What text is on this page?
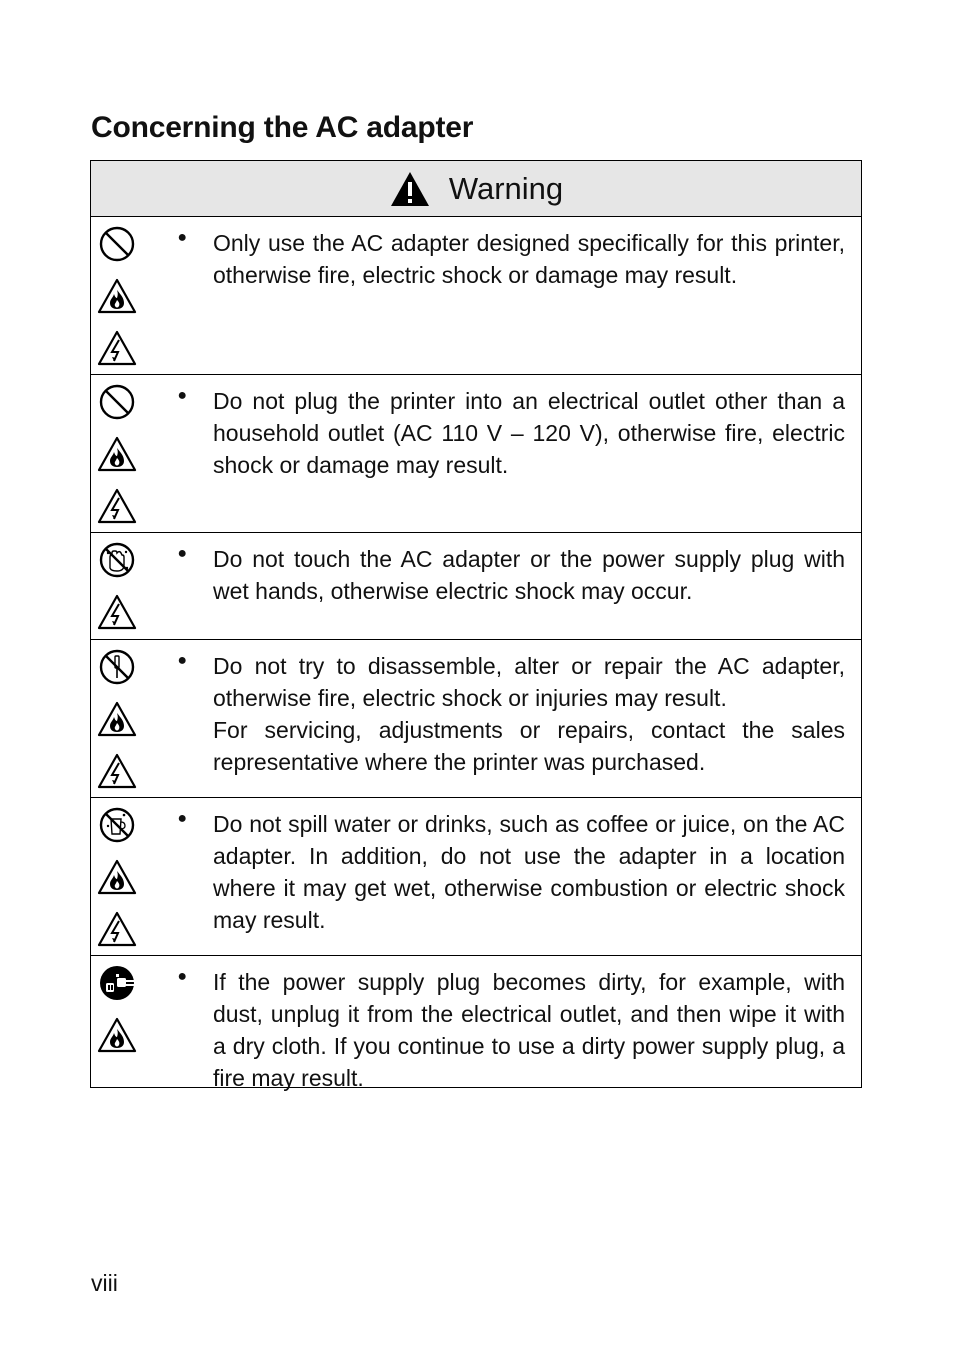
Concerning the AC adapter
Warning
●	Only use the AC adapter designed specifically for this printer, otherwise fire, electric shock or damage may result.

●	Do not plug the printer into an electrical outlet other than a household outlet (AC 110 V – 120 V), otherwise fire, electric shock or damage may result.

●	Do not touch the AC adapter or the power supply plug with wet hands, otherwise electric shock may occur.

●	Do not try to disassemble, alter or repair the AC adapter, otherwise fire, electric shock or injuries may result.

For servicing, adjustments or repairs, contact the sales representative where the printer was purchased.

●	Do not spill water or drinks, such as coffee or juice, on the AC adapter. In addition, do not use the adapter in a location where it may get wet, otherwise combustion or electric shock may result.

●	If the power supply plug becomes dirty, for example, with dust, unplug it from the electrical outlet, and then wipe it with a dry cloth. If you continue to use a dirty power supply plug, a fire may result.

viii
